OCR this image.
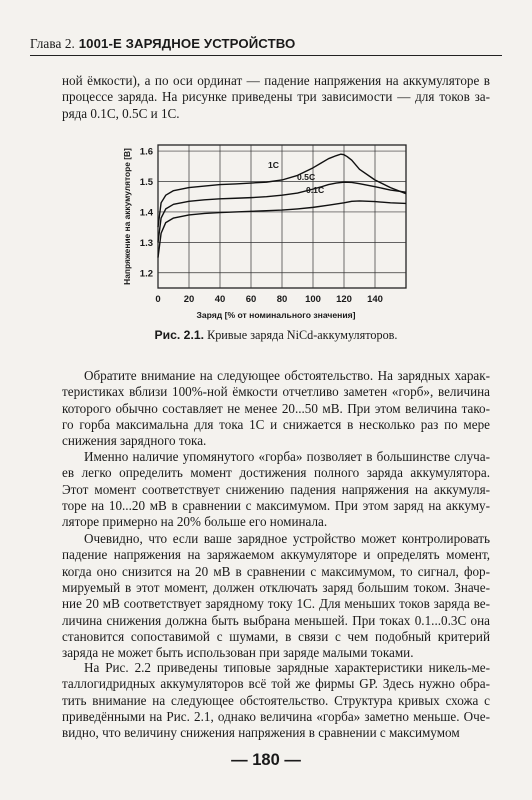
Глава 2. 1001-Е ЗАРЯДНОЕ УСТРОЙСТВО
ной ёмкости), а по оси ординат — падение напряжения на аккумуляторе в
процессе заряда. На рисунке приведены три зависимости — для токов за-
ряда 0.1С, 0.5С и 1С.
0 20 40 60 80 100 120 140
1.2
1.3
1.4
1.5
1.6
Заряд [% от номинального значения]
Напряжение на аккумуляторе [В]	1C
0.5C
0.1C
Рис. 2.1. Кривые заряда NiCd-аккумуляторов.
Обратите внимание на следующее обстоятельство. На зарядных харак-
теристиках вблизи 100%-ной ёмкости отчетливо заметен «горб», величина
которого обычно составляет не менее 20...50 мВ. При этом величина тако-
го горба максимальна для тока 1С и снижается в несколько раз по мере
снижения зарядного тока.
Именно наличие упомянутого «горба» позволяет в большинстве случа-
ев легко определить момент достижения полного заряда аккумулятора.
Этот момент соответствует снижению падения напряжения на аккумуля-
торе на 10...20 мВ в сравнении с максимумом. При этом заряд на аккуму-
ляторе примерно на 20% больше его номинала.
Очевидно, что если ваше зарядное устройство может контролировать
падение напряжения на заряжаемом аккумуляторе и определять момент,
когда оно снизится на 20 мВ в сравнении с максимумом, то сигнал, фор-
мируемый в этот момент, должен отключать заряд большим током. Значе-
ние 20 мВ соответствует зарядному току 1С. Для меньших токов заряда ве-
личина снижения должна быть выбрана меньшей. При токах 0.1...0.3С она
становится сопоставимой с шумами, в связи с чем подобный критерий
заряда не может быть использован при заряде малыми токами.
На Рис. 2.2 приведены типовые зарядные характеристики никель-ме-
таллогидридных аккумуляторов всё той же фирмы GP. Здесь нужно обра-
тить внимание на следующее обстоятельство. Структура кривых схожа с
приведёнными на Рис. 2.1, однако величина «горба» заметно меньше. Оче-
видно, что величину снижения напряжения в сравнении с максимумом
— 180 —
